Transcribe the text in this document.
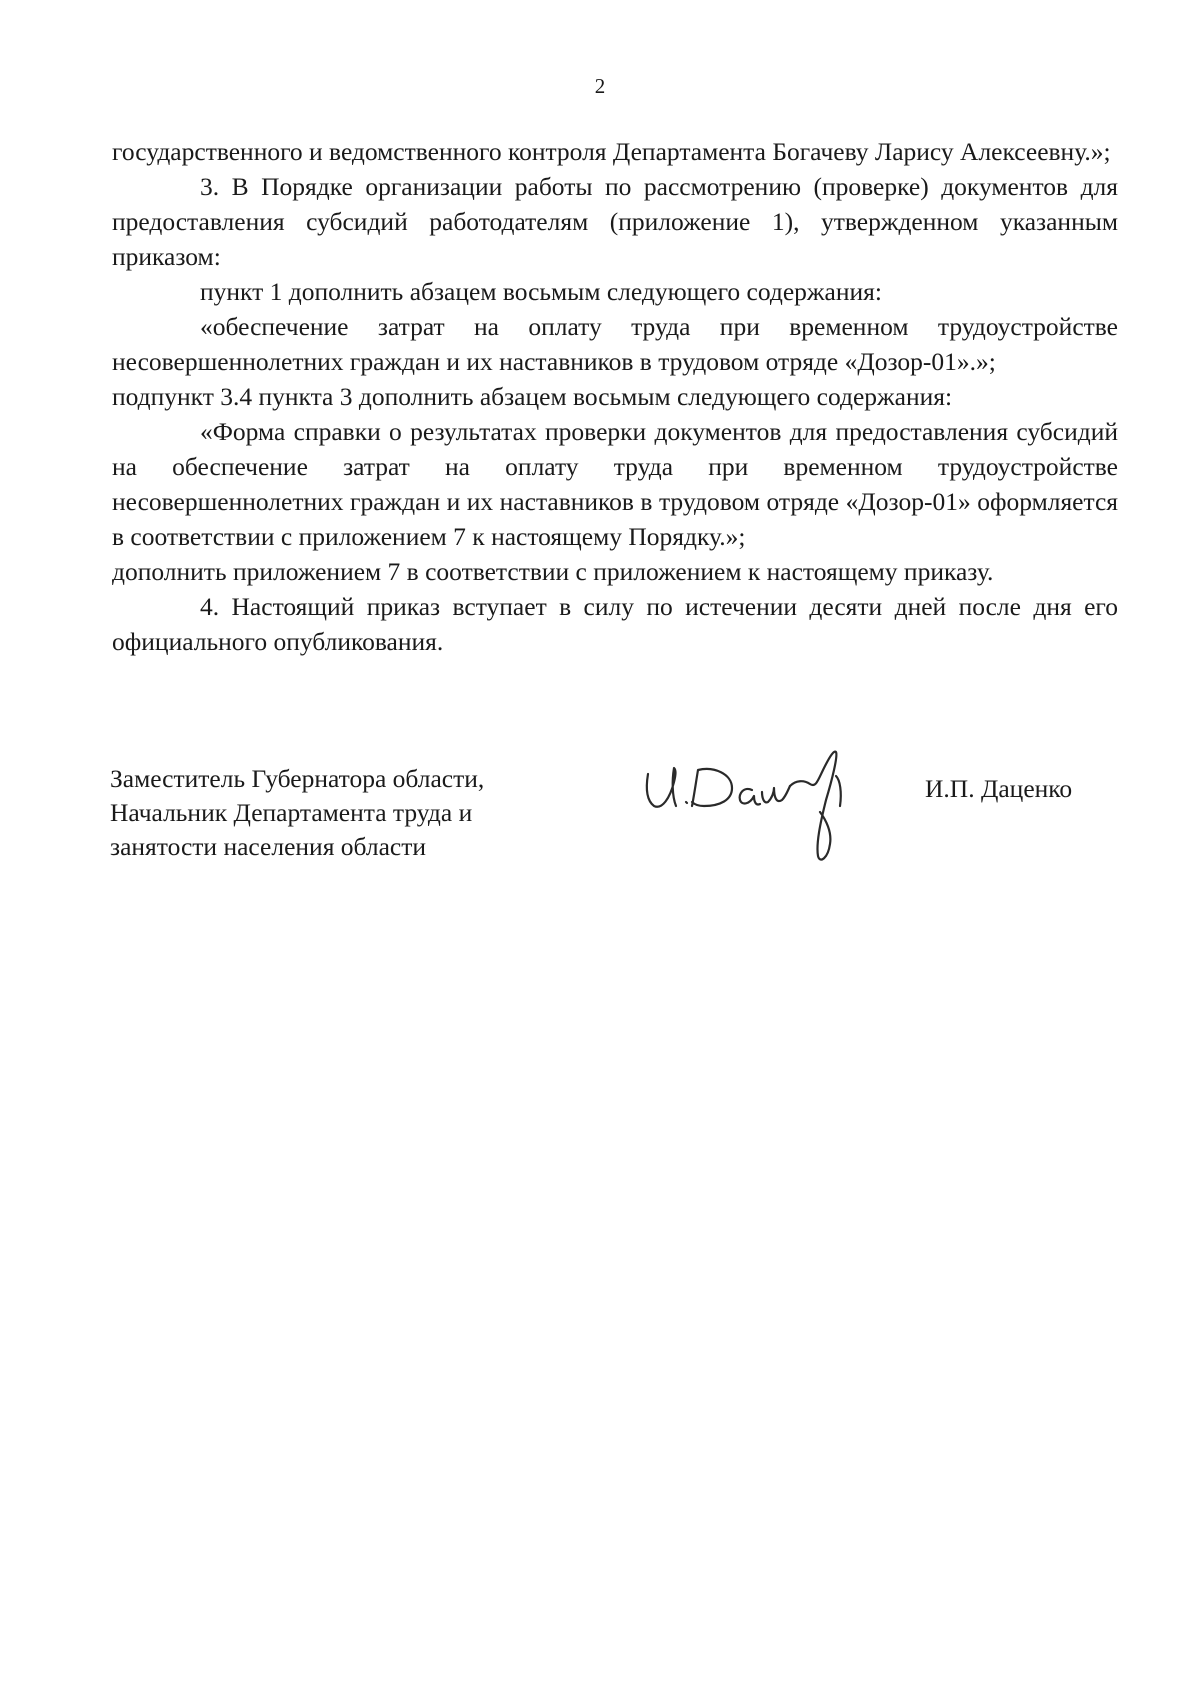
2

государственного и ведомственного контроля Департамента Богачеву Ларису Алексеевну.»;

3. В Порядке организации работы по рассмотрению (проверке) документов для предоставления субсидий работодателям (приложение 1), утвержденном указанным приказом:

пункт 1 дополнить абзацем восьмым следующего содержания:

«обеспечение затрат на оплату труда при временном трудоустройстве несовершеннолетних граждан и их наставников в трудовом отряде «Дозор-01».»;

подпункт 3.4 пункта 3 дополнить абзацем восьмым следующего содержания:

«Форма справки о результатах проверки документов для предоставления субсидий на обеспечение затрат на оплату труда при временном трудоустройстве несовершеннолетних граждан и их наставников в трудовом отряде «Дозор-01» оформляется в соответствии с приложением 7 к настоящему Порядку.»;

дополнить приложением 7 в соответствии с приложением к настоящему приказу.

4. Настоящий приказ вступает в силу по истечении десяти дней после дня его официального опубликования.

Заместитель Губернатора области,
Начальник Департамента труда и
занятости населения области
И.П. Даценко
